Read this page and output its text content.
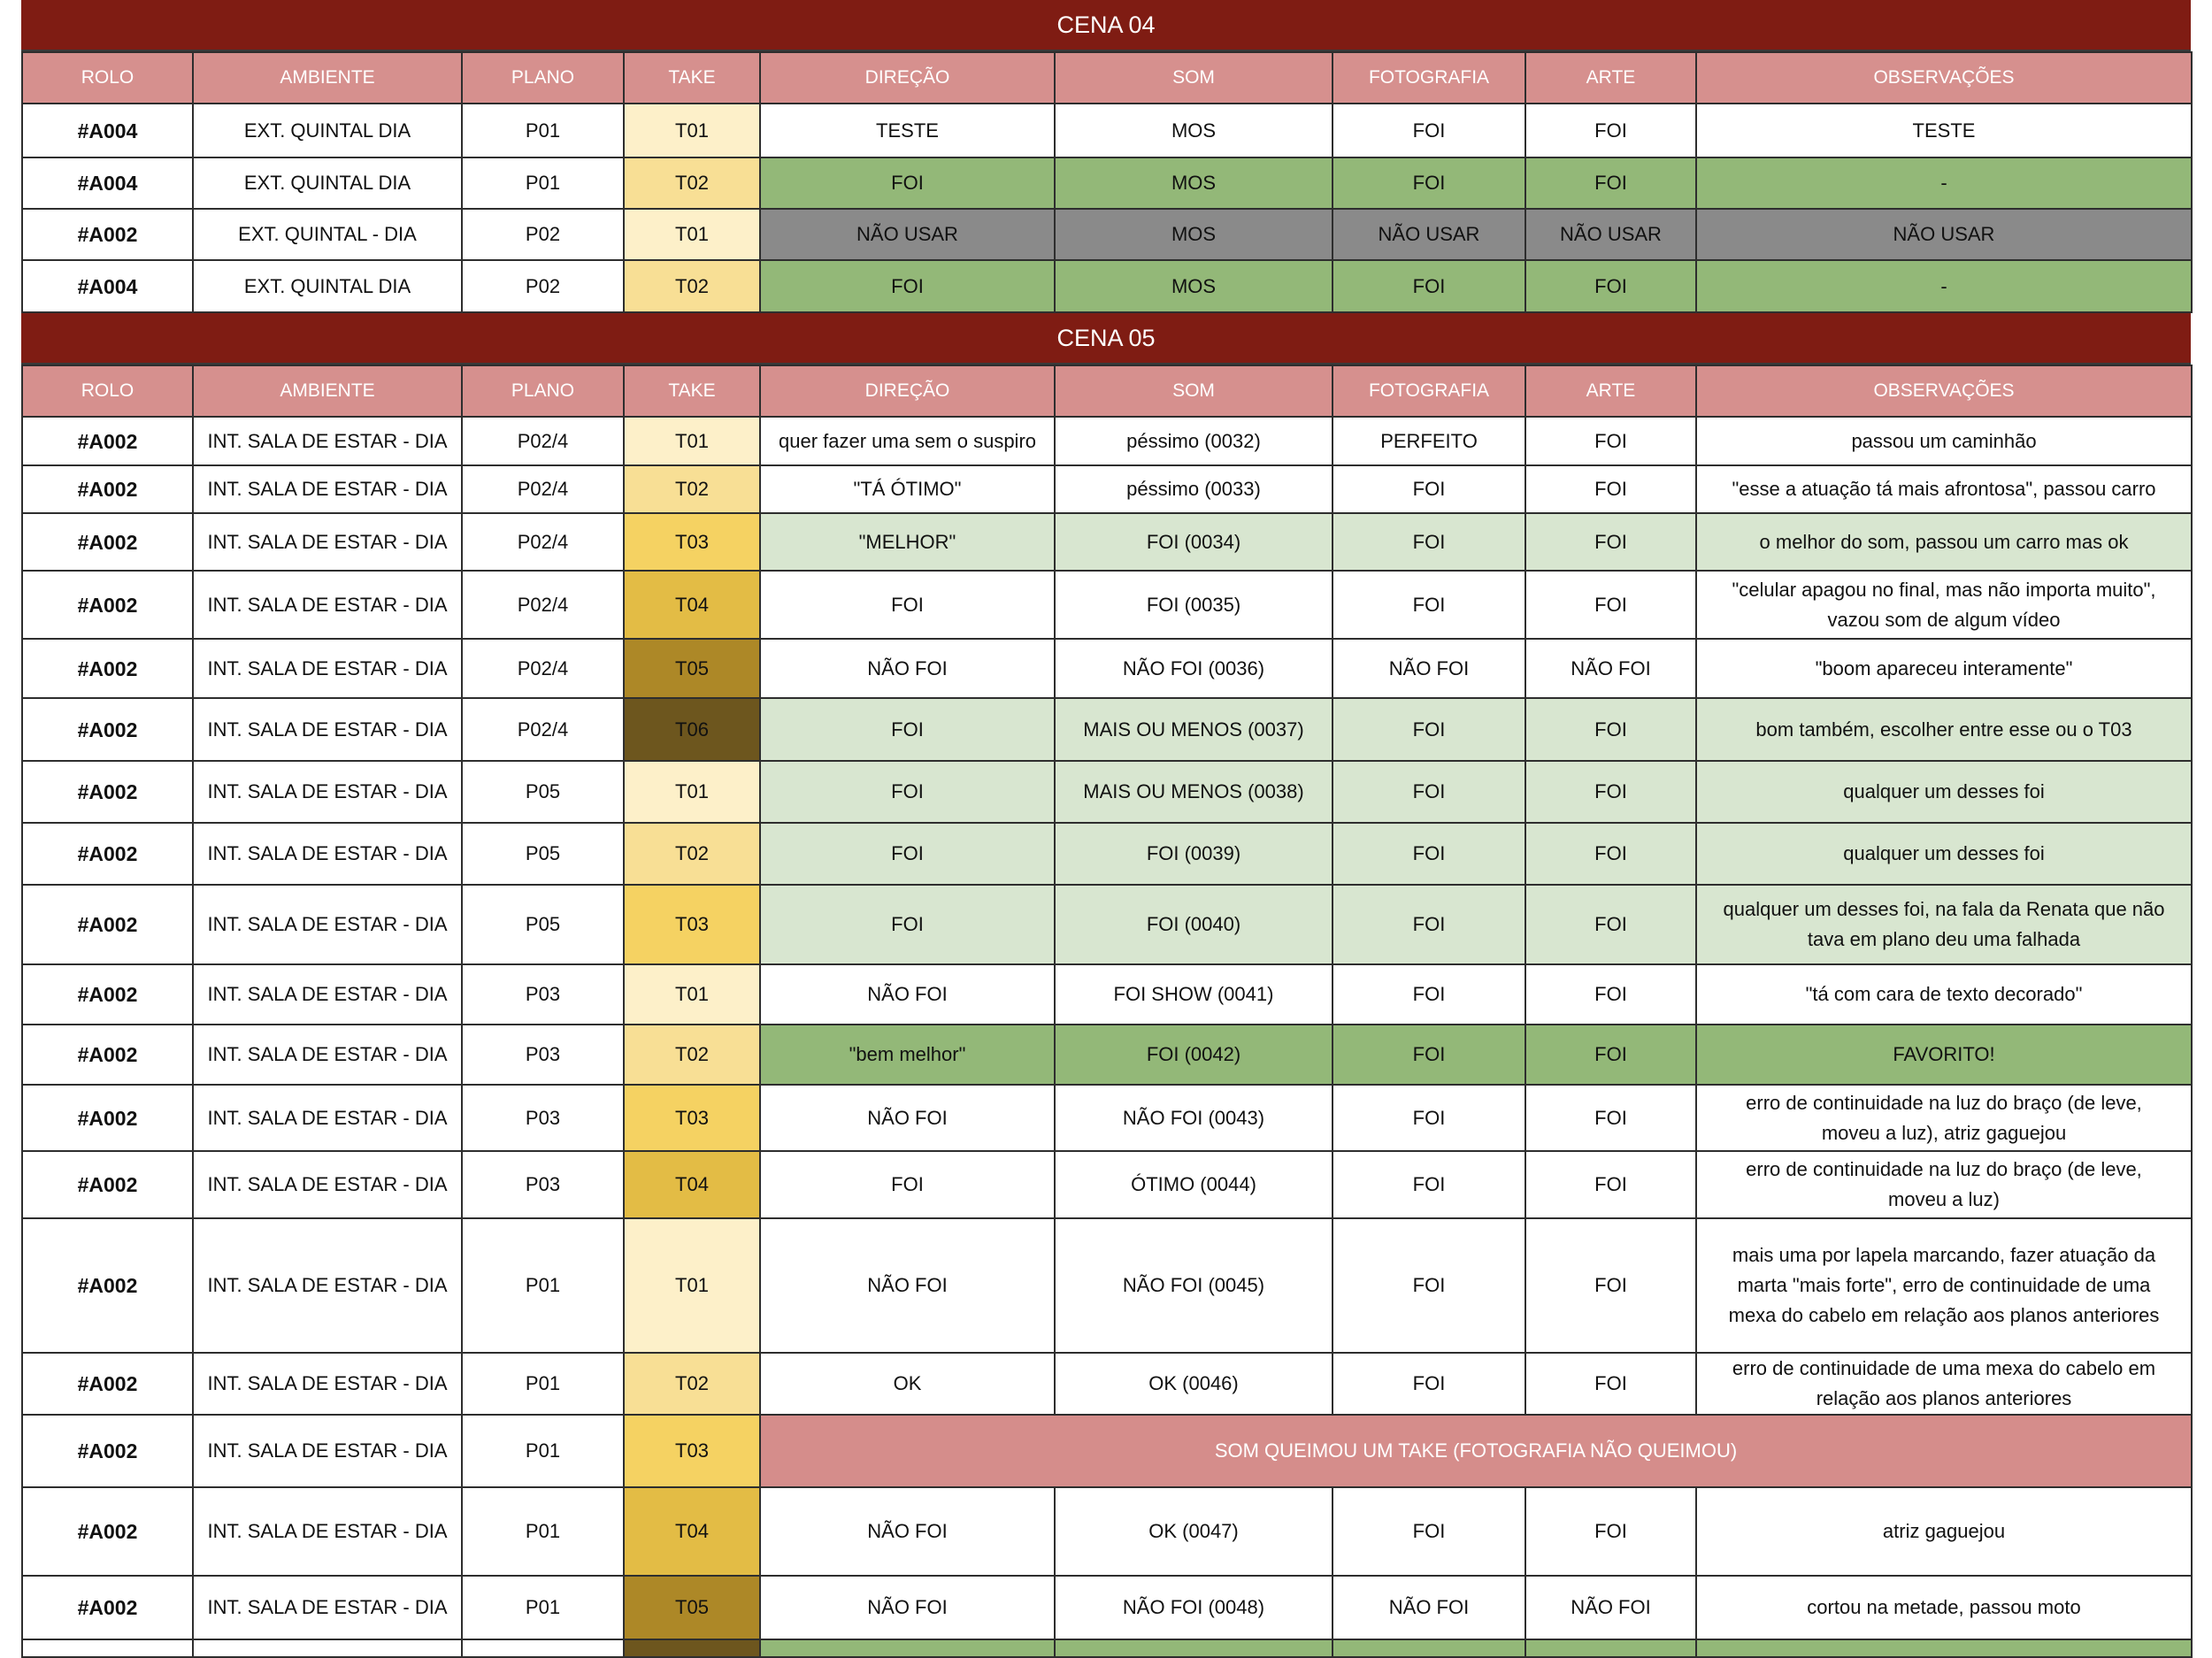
CENA 04
ROLO	AMBIENTE	PLANO	TAKE	DIREÇÃO	SOM	FOTOGRAFIA	ARTE	OBSERVAÇÕES
#A004	EXT. QUINTAL DIA	P01	T01	TESTE	MOS	FOI	FOI	TESTE

#A004	EXT. QUINTAL DIA	P01	T02	FOI	MOS	FOI	FOI	-

#A002	EXT. QUINTAL - DIA	P02	T01	NÃO USAR	MOS	NÃO USAR	NÃO USAR	NÃO USAR

#A004	EXT. QUINTAL DIA	P02	T02	FOI	MOS	FOI	FOI	-
CENA 05
ROLO	AMBIENTE	PLANO	TAKE	DIREÇÃO	SOM	FOTOGRAFIA	ARTE	OBSERVAÇÕES
#A002	INT. SALA DE ESTAR - DIA	P02/4	T01	quer fazer uma sem o suspiro	péssimo (0032)	PERFEITO	FOI	passou um caminhão

#A002	INT. SALA DE ESTAR - DIA	P02/4	T02	"TÁ ÓTIMO"	péssimo (0033)	FOI	FOI	"esse a atuação tá mais afrontosa", passou carro

#A002	INT. SALA DE ESTAR - DIA	P02/4	T03	"MELHOR"	FOI (0034)	FOI	FOI	o melhor do som, passou um carro mas ok

#A002	INT. SALA DE ESTAR - DIA	P02/4	T04	FOI	FOI (0035)	FOI	FOI	"celular apagou no final, mas não importa muito",
vazou som de algum vídeo

#A002	INT. SALA DE ESTAR - DIA	P02/4	T05	NÃO FOI	NÃO FOI (0036)	NÃO FOI	NÃO FOI	"boom apareceu interamente"

#A002	INT. SALA DE ESTAR - DIA	P02/4	T06	FOI	MAIS OU MENOS (0037)	FOI	FOI	bom também, escolher entre esse ou o T03

#A002	INT. SALA DE ESTAR - DIA	P05	T01	FOI	MAIS OU MENOS (0038)	FOI	FOI	qualquer um desses foi

#A002	INT. SALA DE ESTAR - DIA	P05	T02	FOI	FOI (0039)	FOI	FOI	qualquer um desses foi

#A002	INT. SALA DE ESTAR - DIA	P05	T03	FOI	FOI (0040)	FOI	FOI	qualquer um desses foi, na fala da Renata que não
tava em plano deu uma falhada

#A002	INT. SALA DE ESTAR - DIA	P03	T01	NÃO FOI	FOI SHOW (0041)	FOI	FOI	"tá com cara de texto decorado"

#A002	INT. SALA DE ESTAR - DIA	P03	T02	"bem melhor"	FOI (0042)	FOI	FOI	FAVORITO!

#A002	INT. SALA DE ESTAR - DIA	P03	T03	NÃO FOI	NÃO FOI (0043)	FOI	FOI	erro de continuidade na luz do braço (de leve,
moveu a luz), atriz gaguejou

#A002	INT. SALA DE ESTAR - DIA	P03	T04	FOI	ÓTIMO (0044)	FOI	FOI	erro de continuidade na luz do braço (de leve,
moveu a luz)

#A002	INT. SALA DE ESTAR - DIA	P01	T01	NÃO FOI	NÃO FOI (0045)	FOI	FOI	mais uma por lapela marcando, fazer atuação da
marta "mais forte", erro de continuidade de uma
mexa do cabelo em relação aos planos anteriores

#A002	INT. SALA DE ESTAR - DIA	P01	T02	OK	OK (0046)	FOI	FOI	erro de continuidade de uma mexa do cabelo em
relação aos planos anteriores

#A002	INT. SALA DE ESTAR - DIA	P01	T03	SOM QUEIMOU UM TAKE (FOTOGRAFIA NÃO QUEIMOU)				
#A002	INT. SALA DE ESTAR - DIA	P01	T04	NÃO FOI	OK (0047)	FOI	FOI	atriz gaguejou

#A002	INT. SALA DE ESTAR - DIA	P01	T05	NÃO FOI	NÃO FOI (0048)	NÃO FOI	NÃO FOI	cortou na metade, passou moto
